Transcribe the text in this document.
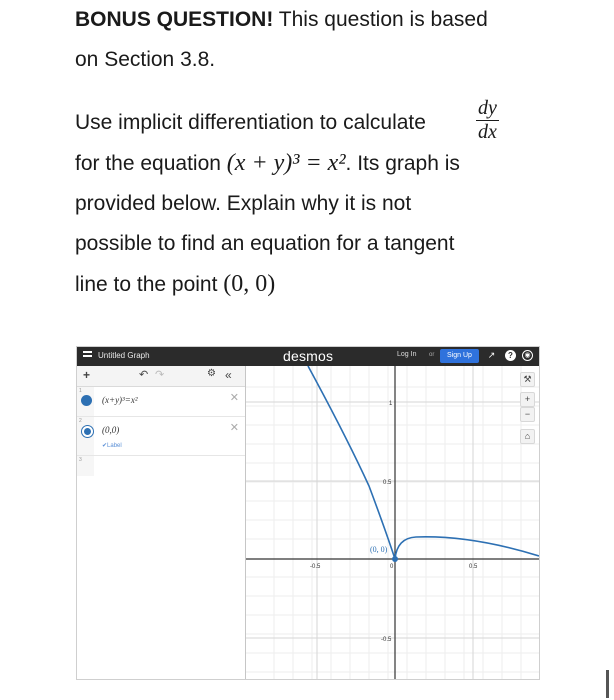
BONUS QUESTION! This question is based
on Section 3.8.
Use implicit differentiation to calculate
for the equation (x + y)³ = x². Its graph is
provided below. Explain why it is not
possible to find an equation for a tangent
line to the point (0, 0)
$\frac{dy}{dx}$
Untitled Graph	desmos	Log In or	Sign Up	↗	?	◉
+	↶ ↷	⚙ «
1
(x+y)³=x²	✕
2
(0,0)	✕
✔Label
3
-0.5	0	0.5
1
0.5
-0.5
(0, 0)
⚒
+
−
⌂
